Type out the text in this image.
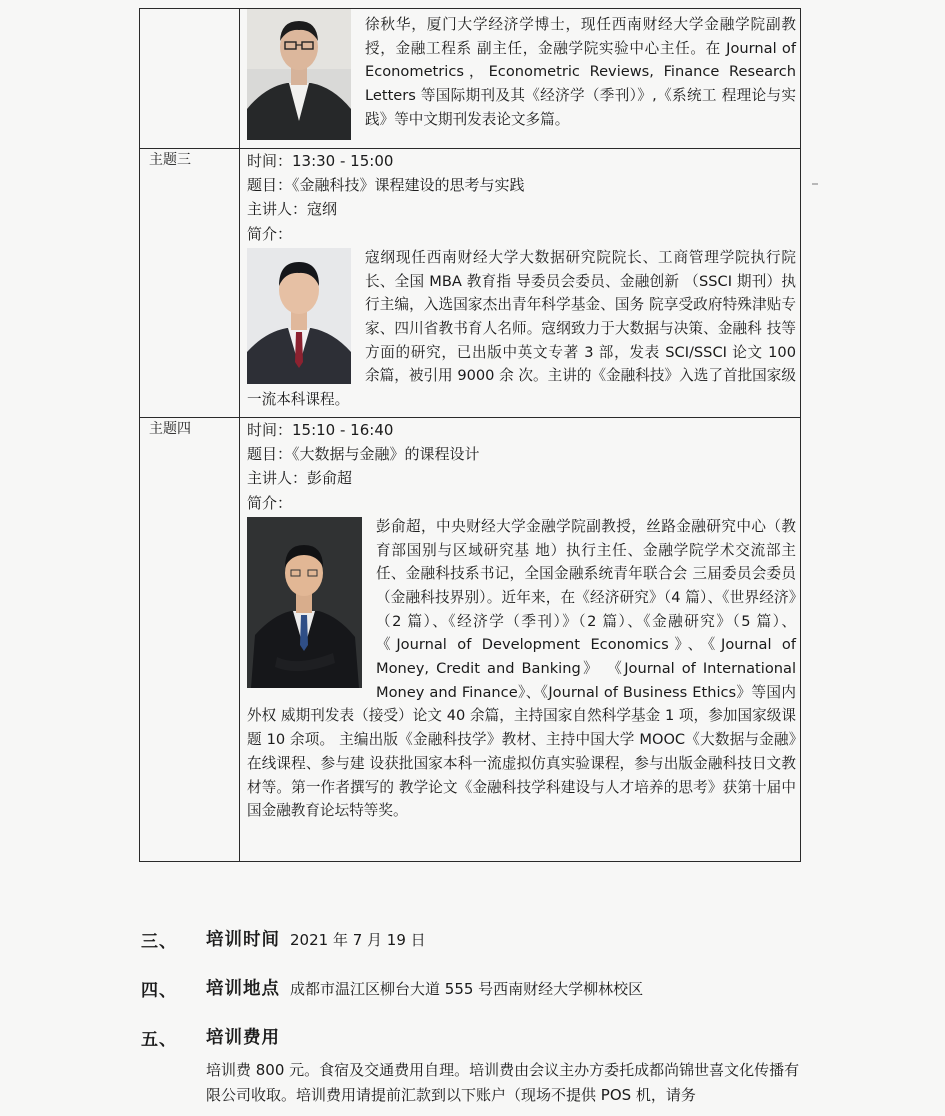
	徐秋华，厦门大学经济学博士，现任西南财经大学金融学院副教授，金融工程系 副主任，金融学院实验中心主任。在 Journal of Econometrics，Econometric Reviews, Finance Research Letters 等国际期刊及其《经济学（季刊）》,《系统工 程理论与实践》等中文期刊发表论文多篇。

主题三	时间：13:30 - 15:00
题目：《金融科技》课程建设的思考与实践
主讲人：寇纲
简介：
寇纲现任西南财经大学大数据研究院院长、工商管理学院执行院长、全国 MBA 教育指 导委员会委员、金融创新 （SSCI 期刊）执行主编，入选国家杰出青年科学基金、国务 院享受政府特殊津贴专家、四川省教书育人名师。寇纲致力于大数据与决策、金融科 技等方面的研究，已出版中英文专著 3 部，发表 SCI/SSCI 论文 100 余篇，被引用 9000 余 次。主讲的《金融科技》入选了首批国家级一流本科课程。

主题四	时间：15:10 - 16:40
题目：《大数据与金融》的课程设计
主讲人：彭俞超
简介：
彭俞超，中央财经大学金融学院副教授，丝路金融研究中心（教育部国别与区域研究基 地）执行主任、金融学院学术交流部主任、金融科技系书记，全国金融系统青年联合会 三届委员会委员（金融科技界别）。近年来，在《经济研究》（4 篇）、《世界经济》（2 篇）、《经济学（季刊）》（2 篇）、《金融研究》（5 篇）、《Journal of Development Economics》、《Journal of Money, Credit and Banking》 《Journal of International Money and Finance》、《Journal of Business Ethics》等国内外权 威期刊发表（接受）论文 40 余篇，主持国家自然科学基金 1 项，参加国家级课题 10 余项。 主编出版《金融科技学》教材、主持中国大学 MOOC《大数据与金融》在线课程、参与建 设获批国家本科一流虚拟仿真实验课程，参与出版金融科技日文教材等。第一作者撰写的 教学论文《金融科技学科建设与人才培养的思考》获第十届中国金融教育论坛特等奖。
三、 培训时间 2021 年 7 月 19 日
四、 培训地点 成都市温江区柳台大道 555 号西南财经大学柳林校区
五、 培训费用
培训费 800 元。食宿及交通费用自理。培训费由会议主办方委托成都尚锦世喜文化传播有限公司收取。培训费用请提前汇款到以下账户（现场不提供 POS 机，请务
